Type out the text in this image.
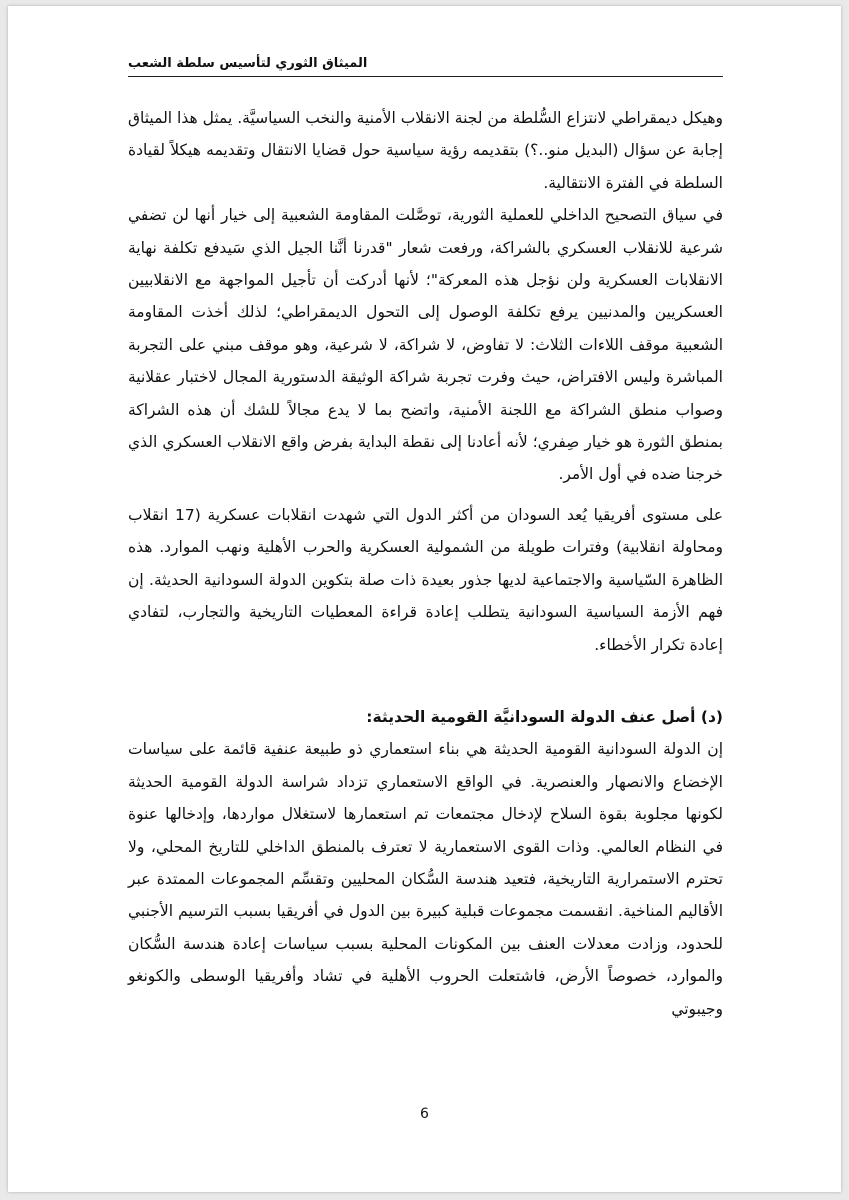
الميثاق الثوري لتأسيس سلطة الشعب

وهيكل ديمقراطي لانتزاع السُّلطة من لجنة الانقلاب الأمنية والنخب السياسيَّة. يمثل هذا الميثاق إجابة عن سؤال (البديل منو..؟) بتقديمه رؤية سياسية حول قضايا الانتقال وتقديمه هيكلاً لقيادة السلطة في الفترة الانتقالية.

في سياق التصحيح الداخلي للعملية الثورية، توصَّلت المقاومة الشعبية إلى خيار أنها لن تضفي شرعية للانقلاب العسكري بالشراكة، ورفعت شعار "قدرنا أنَّنا الجيل الذي سَيدفع تكلفة نهاية الانقلابات العسكرية ولن نؤجل هذه المعركة"؛ لأنها أدركت أن تأجيل المواجهة مع الانقلابيين العسكريين والمدنيين يرفع تكلفة الوصول إلى التحول الديمقراطي؛ لذلك أخذت المقاومة الشعبية موقف اللاءات الثلاث: لا تفاوض، لا شراكة، لا شرعية، وهو موقف مبني على التجربة المباشرة وليس الافتراض، حيث وفرت تجربة شراكة الوثيقة الدستورية المجال لاختبار عقلانية وصواب منطق الشراكة مع اللجنة الأمنية، واتضح بما لا يدع مجالاً للشك أن هذه الشراكة بمنطق الثورة هو خيار صِفري؛ لأنه أعادنا إلى نقطة البداية بفرض واقع الانقلاب العسكري الذي خرجنا ضده في أول الأمر.

على مستوى أفريقيا يُعد السودان من أكثر الدول التي شهدت انقلابات عسكرية (17 انقلاب ومحاولة انقلابية) وفترات طويلة من الشمولية العسكرية والحرب الأهلية ونهب الموارد. هذه الظاهرة السّياسية والاجتماعية لديها جذور بعيدة ذات صلة بتكوين الدولة السودانية الحديثة. إن فهم الأزمة السياسية السودانية يتطلب إعادة قراءة المعطيات التاريخية والتجارب، لتفادي إعادة تكرار الأخطاء.

(د) أصل عنف الدولة السودانيَّة القومية الحديثة:

إن الدولة السودانية القومية الحديثة هي بناء استعماري ذو طبيعة عنفية قائمة على سياسات الإخضاع والانصهار والعنصرية. في الواقع الاستعماري تزداد شراسة الدولة القومية الحديثة لكونها مجلوبة بقوة السلاح لإدخال مجتمعات تم استعمارها لاستغلال مواردها، وإدخالها عنوة في النظام العالمي. وذات القوى الاستعمارية لا تعترف بالمنطق الداخلي للتاريخ المحلي، ولا تحترم الاستمرارية التاريخية، فتعيد هندسة السُّكان المحليين وتقسِّم المجموعات الممتدة عبر الأقاليم المناخية. انقسمت مجموعات قبلية كبيرة بين الدول في أفريقيا بسبب الترسيم الأجنبي للحدود، وزادت معدلات العنف بين المكونات المحلية بسبب سياسات إعادة هندسة السُّكان والموارد، خصوصاً الأرض، فاشتعلت الحروب الأهلية في تشاد وأفريقيا الوسطى والكونغو وجيبوتي

6
